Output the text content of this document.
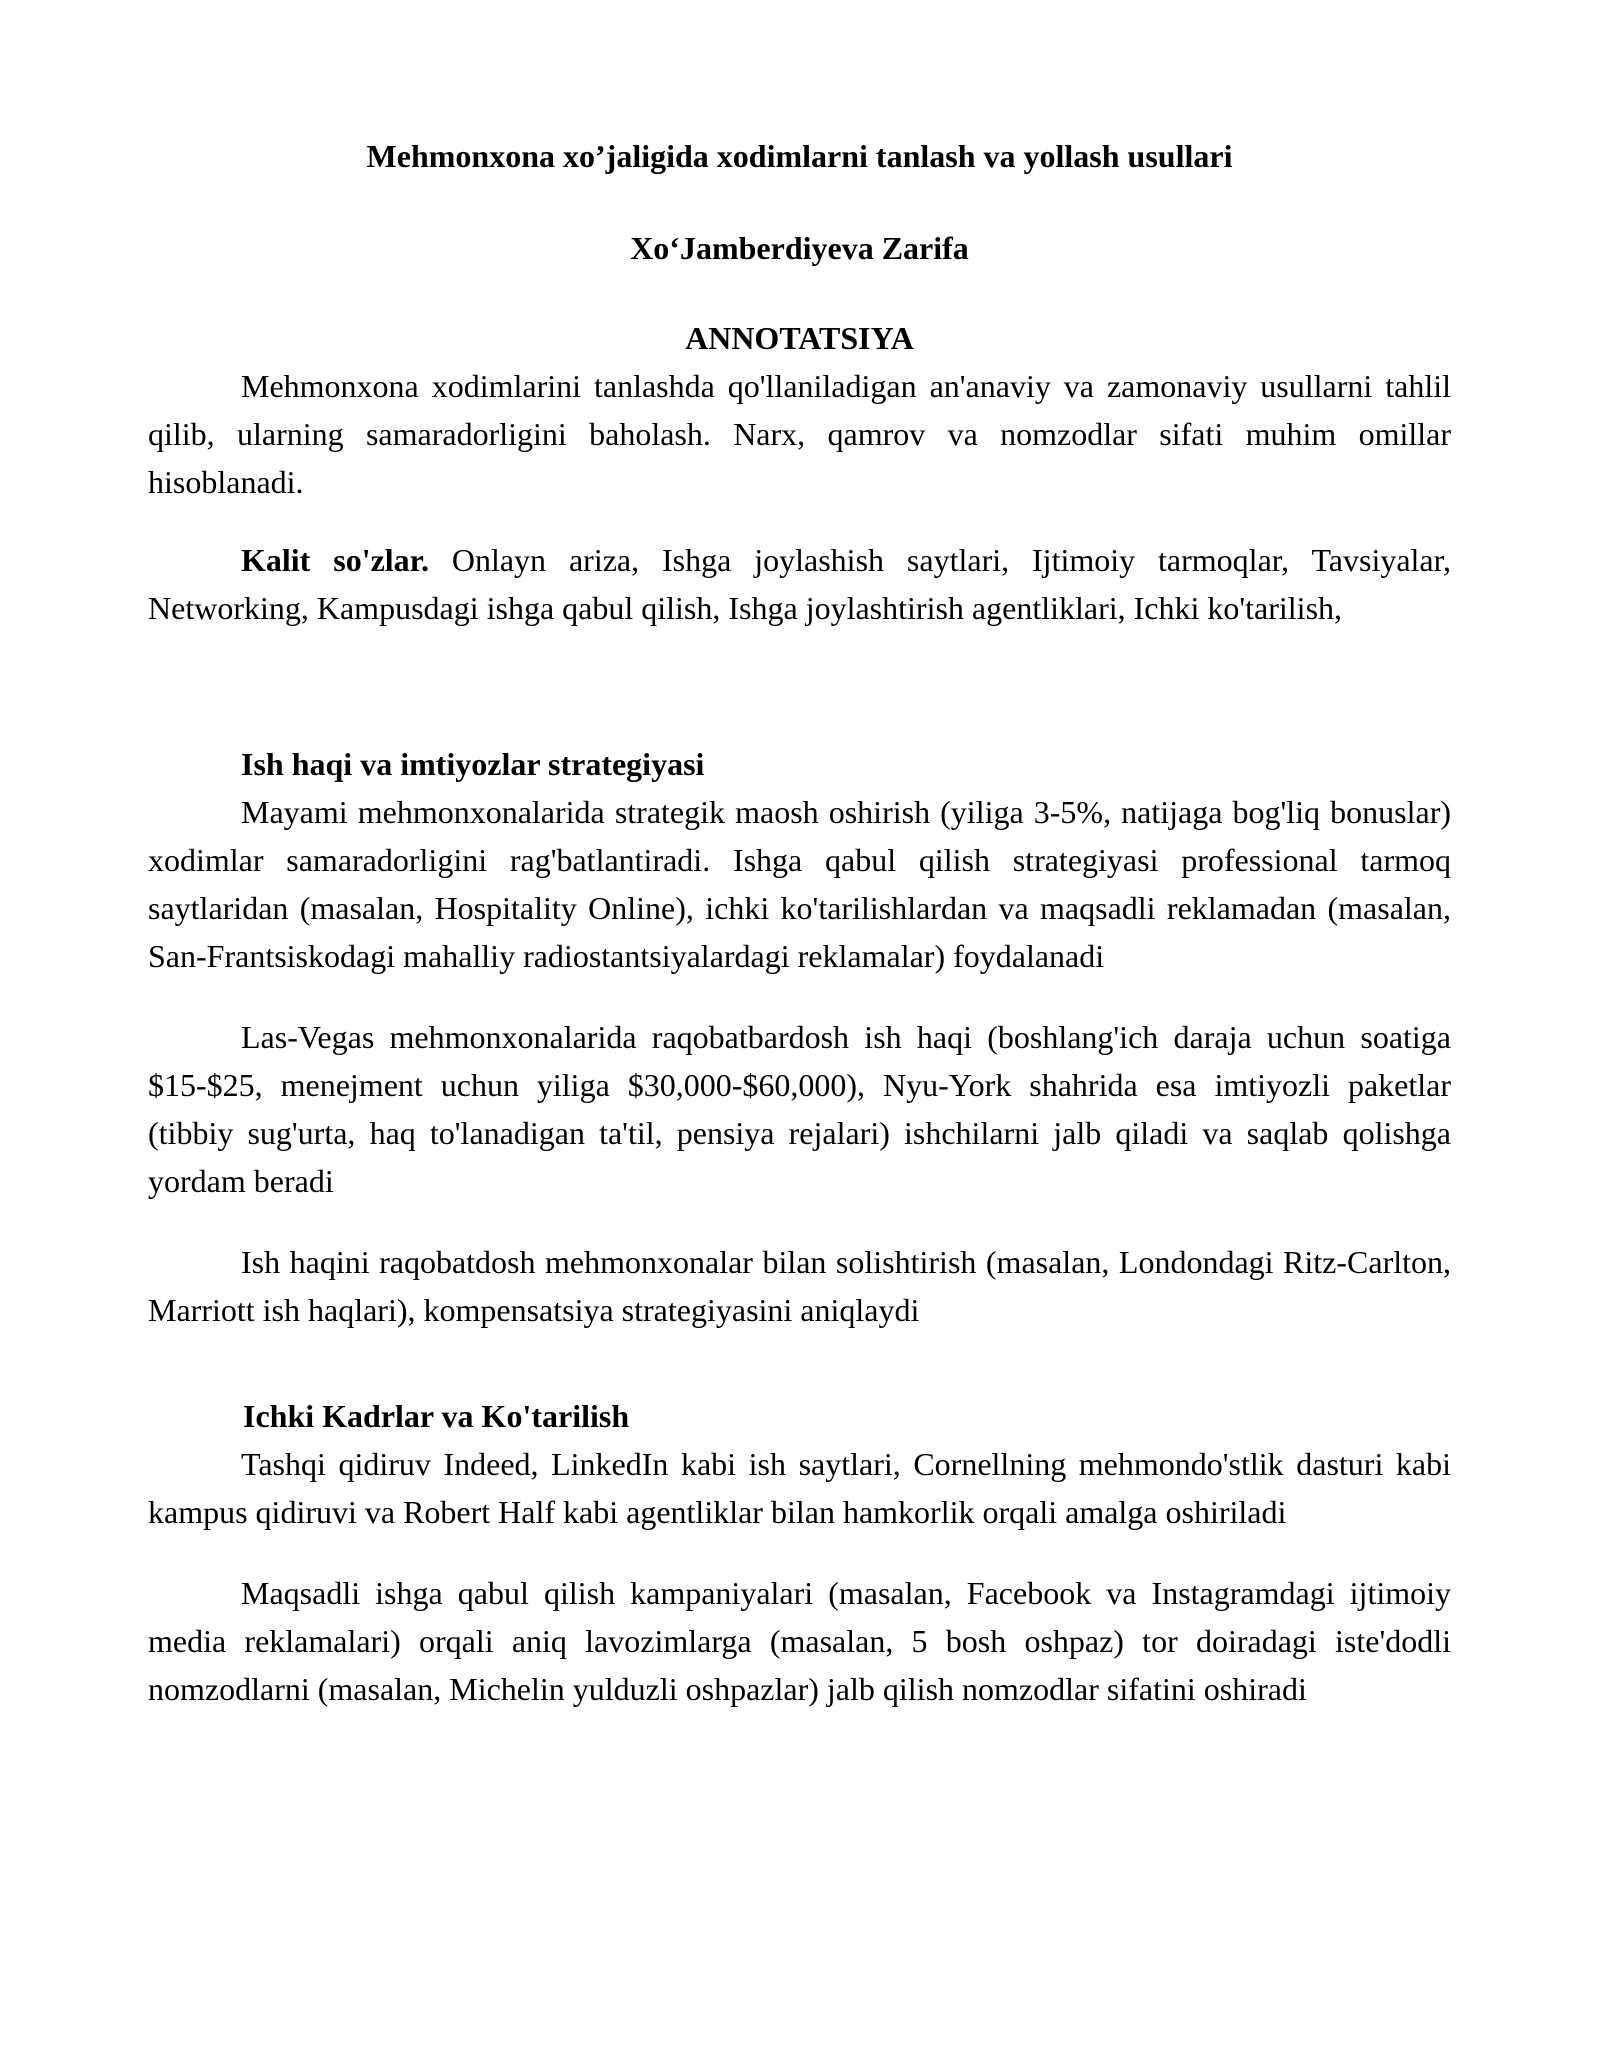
Mehmonxona xo’jaligida xodimlarni tanlash va yollash usullari
Xo‘Jamberdiyeva Zarifa
ANNOTATSIYA

Mehmonxona xodimlarini tanlashda qo'llaniladigan an'anaviy va zamonaviy usullarni tahlil qilib, ularning samaradorligini baholash. Narx, qamrov va nomzodlar sifati muhim omillar hisoblanadi.

Kalit so'zlar. Onlayn ariza, Ishga joylashish saytlari, Ijtimoiy tarmoqlar, Tavsiyalar, Networking, Kampusdagi ishga qabul qilish, Ishga joylashtirish agentliklari, Ichki ko'tarilish,

Ish haqi va imtiyozlar strategiyasi

Mayami mehmonxonalarida strategik maosh oshirish (yiliga 3-5%, natijaga bog'liq bonuslar) xodimlar samaradorligini rag'batlantiradi. Ishga qabul qilish strategiyasi professional tarmoq saytlaridan (masalan, Hospitality Online), ichki ko'tarilishlardan va maqsadli reklamadan (masalan, San-Frantsiskodagi mahalliy radiostantsiyalardagi reklamalar) foydalanadi

Las-Vegas mehmonxonalarida raqobatbardosh ish haqi (boshlang'ich daraja uchun soatiga $15-$25, menejment uchun yiliga $30,000-$60,000), Nyu-York shahrida esa imtiyozli paketlar (tibbiy sug'urta, haq to'lanadigan ta'til, pensiya rejalari) ishchilarni jalb qiladi va saqlab qolishga yordam beradi

Ish haqini raqobatdosh mehmonxonalar bilan solishtirish (masalan, Londondagi Ritz-Carlton, Marriott ish haqlari), kompensatsiya strategiyasini aniqlaydi

Ichki Kadrlar va Ko'tarilish

Tashqi qidiruv Indeed, LinkedIn kabi ish saytlari, Cornellning mehmondo'stlik dasturi kabi kampus qidiruvi va Robert Half kabi agentliklar bilan hamkorlik orqali amalga oshiriladi

Maqsadli ishga qabul qilish kampaniyalari (masalan, Facebook va Instagramdagi ijtimoiy media reklamalari) orqali aniq lavozimlarga (masalan, 5 bosh oshpaz) tor doiradagi iste'dodli nomzodlarni (masalan, Michelin yulduzli oshpazlar) jalb qilish nomzodlar sifatini oshiradi
